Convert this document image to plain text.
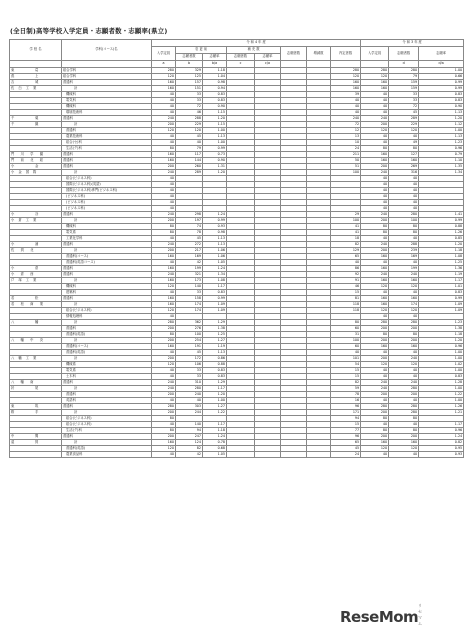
(全日制)高等学校入学定員・志願者数・志願率(県立)
学 校 名	学科(コース)名	令 和 4 年 度								令 和 3 年 度		
		入学定員	変 更 前		補 充 数		志願者数	増減数	内定者数	入学定員	志願者数	志願率
			志願者数	志願率	志願者数	志願率						
		a	b	b/a	c	c/a					d	d/a
東　　　　葛	総合学科	280	329	1.18					280	280	280	1.00
燕　　　　上	総合学科	120	125	1.04					120	120	79	0.66
吉　　　　城	普通科	160	157	0.98					160	160	159	0.99
佐 白 工 業	計	160	151	0.94					160	160	159	0.99
	機械科	40	33	0.83					39	40	33	0.83
	電気科	40	33	0.83					40	40	33	0.83
	機械科	40	72	0.90					40	40	72	0.90
	環境技術科	40	46	1.15					40	40	45	1.13
千　　　　葉	普通科	240	288	1.20					240	240	289	1.20
千　　　　織	計	200	229	1.15					72	200	229	1.12
	普通科	120	120	1.00					12	120	120	1.00
	農業技術科	40	45	1.13					13	40	40	1.13
	総合(セ)科	40	40	1.00					10	40	49	1.23
	生活(デ)科	80	79	0.99					24	80	80	0.96
門　川　学　園	普通科	160	117	0.73					211	160	127	0.79
門　前　北　総	普通科	160	144	0.90					50	160	160	1.10
小　　　　金	普通科	200	260	1.31					51	200	269	1.35
小 金 国 際	計	240	289	1.20					100	240	316	1.34
	総合(ビジネス科)	40								40	40	
	国際(ビジネス科)(英語)	40								40	40	
	国際(ビジネス科)専門(ビジネス科)	40								40	40	
	(ビジネス科)	40								40	40	
	(ビジネス科)	40								40	40	
	(ビジネス科)	40								40	40	
小　　　　谷	普通科	240	298	1.24					29	240	280	1.41
小 倉 工 業	計	200	197	0.99					100	200	100	0.99
	機械科	80	74	0.93					41	80	80	0.88
	電気系	80	78	0.98					41	80	80	1.26
	工業化学科	40	45	1.13					18	40	40	0.85
小　　　　浦	普通科	240	272	1.13					82	240	288	1.20
佐　賀　北	計	200	217	1.06					129	200	239	1.18
	普通科(コース)	160	169	1.06					65	160	169	1.08
	普通科(英語コース)	40	42	1.05					40	40	40	1.25
小　　　　倉	普通科	160	199	1.24					86	160	199	1.36
小　倉　西	普通科	240	321	1.34					92	240	240	1.19
戸 塚 工 業	計	160	173	1.08					91	160	160	1.17
	機械科	120	140	1.17					46	120	120	1.01
	建築科	40	33	0.83					15	40	40	0.83
若　　　　松	普通科	160	158	0.99					81	160	160	0.99
若　松　商　業	計	160	174	1.09					118	160	174	1.09
	総合(ビジネス科)	120	174	1.09					118	120	120	1.09
	情報処理科	40								40	40	
八　　　　幡	計	280	362	1.29					80	280	280	1.23
	普通科	200	276	1.38					60	200	200	1.38
	普通科(英語)	80	100	1.25					31	80	80	1.18
八　幡　中　央	計	200	254	1.27					100	200	200	1.20
	普通科(コース)	160	191	1.19					60	160	160	0.96
	普通科(英語)	40	45	1.13					40	40	40	1.00
八 幡 工 業	計	200	172	0.86					101	200	240	1.00
	機械系	120	106	0.88					54	120	120	1.02
	電気系	40	33	0.83					15	40	40	1.00
	土木科	40	33	0.83					15	40	40	0.83
八　幡　南	普通科	240	310	1.29					82	240	240	1.28
折　　　　尾	計	240	280	1.17					59	240	280	1.00
	普通科	200	240	1.20					78	200	200	1.22
	英語科	40	40	1.00					16	40	40	1.00
東　　　　筑	普通科	280	303	1.27					96	280	280	1.26
鞍　　　　手	計	200	244	1.22					171	200	280	1.21
	総合(ビジネス科)	80							94	80	80	
	総合(ビジネス科)	40	140	1.17					15	40	40	1.17
	生活(デ)科	80	94	1.18					77	80	80	0.96
中　　　　間	普通科	200	247	1.24					96	200	200	1.24
遠　　　　賀	計	160	124	0.78					65	160	160	0.82
	普通科(英語)	120	82	0.68					45	120	120	0.95
	農業食品科	40	42	1.05					24	40	40	0.93
ReseMom
リセマム
